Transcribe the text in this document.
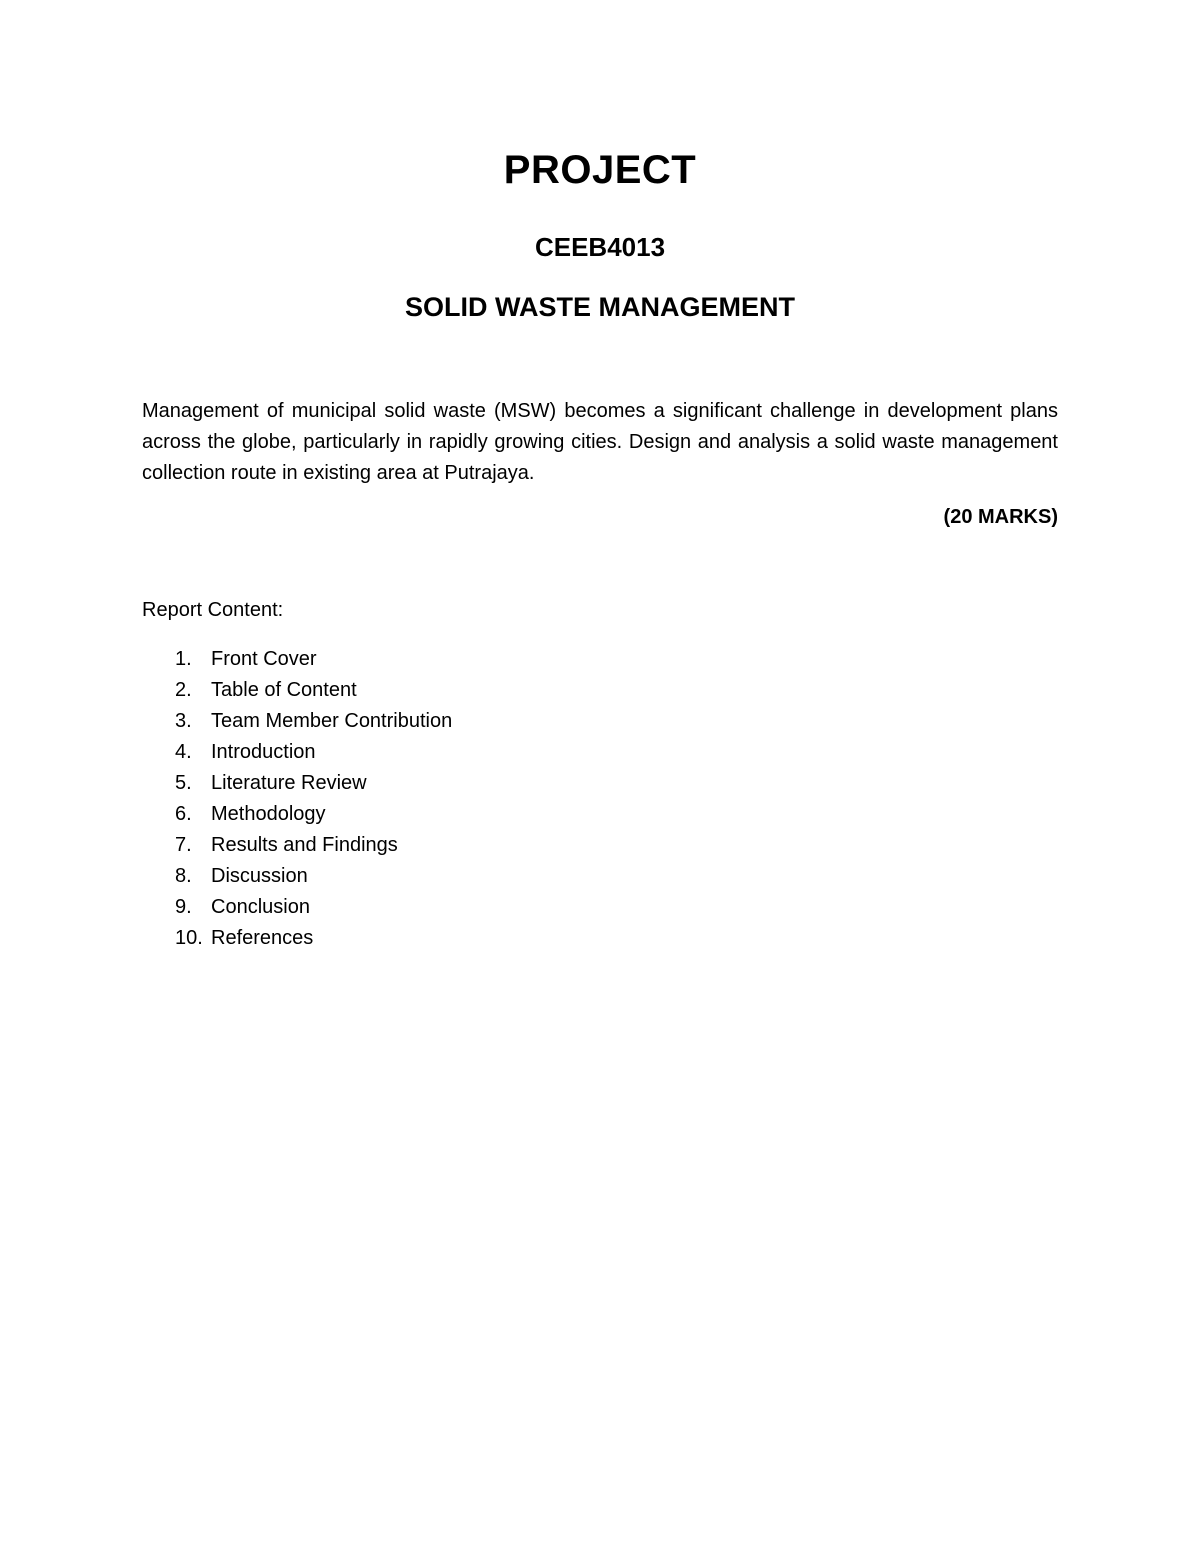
PROJECT
CEEB4013
SOLID WASTE MANAGEMENT

Management of municipal solid waste (MSW) becomes a significant challenge in development plans across the globe, particularly in rapidly growing cities. Design and analysis a solid waste management collection route in existing area at Putrajaya.

(20 MARKS)

Report Content:

1. Front Cover
2. Table of Content
3. Team Member Contribution
4. Introduction
5. Literature Review
6. Methodology
7. Results and Findings
8. Discussion
9. Conclusion
10. References
